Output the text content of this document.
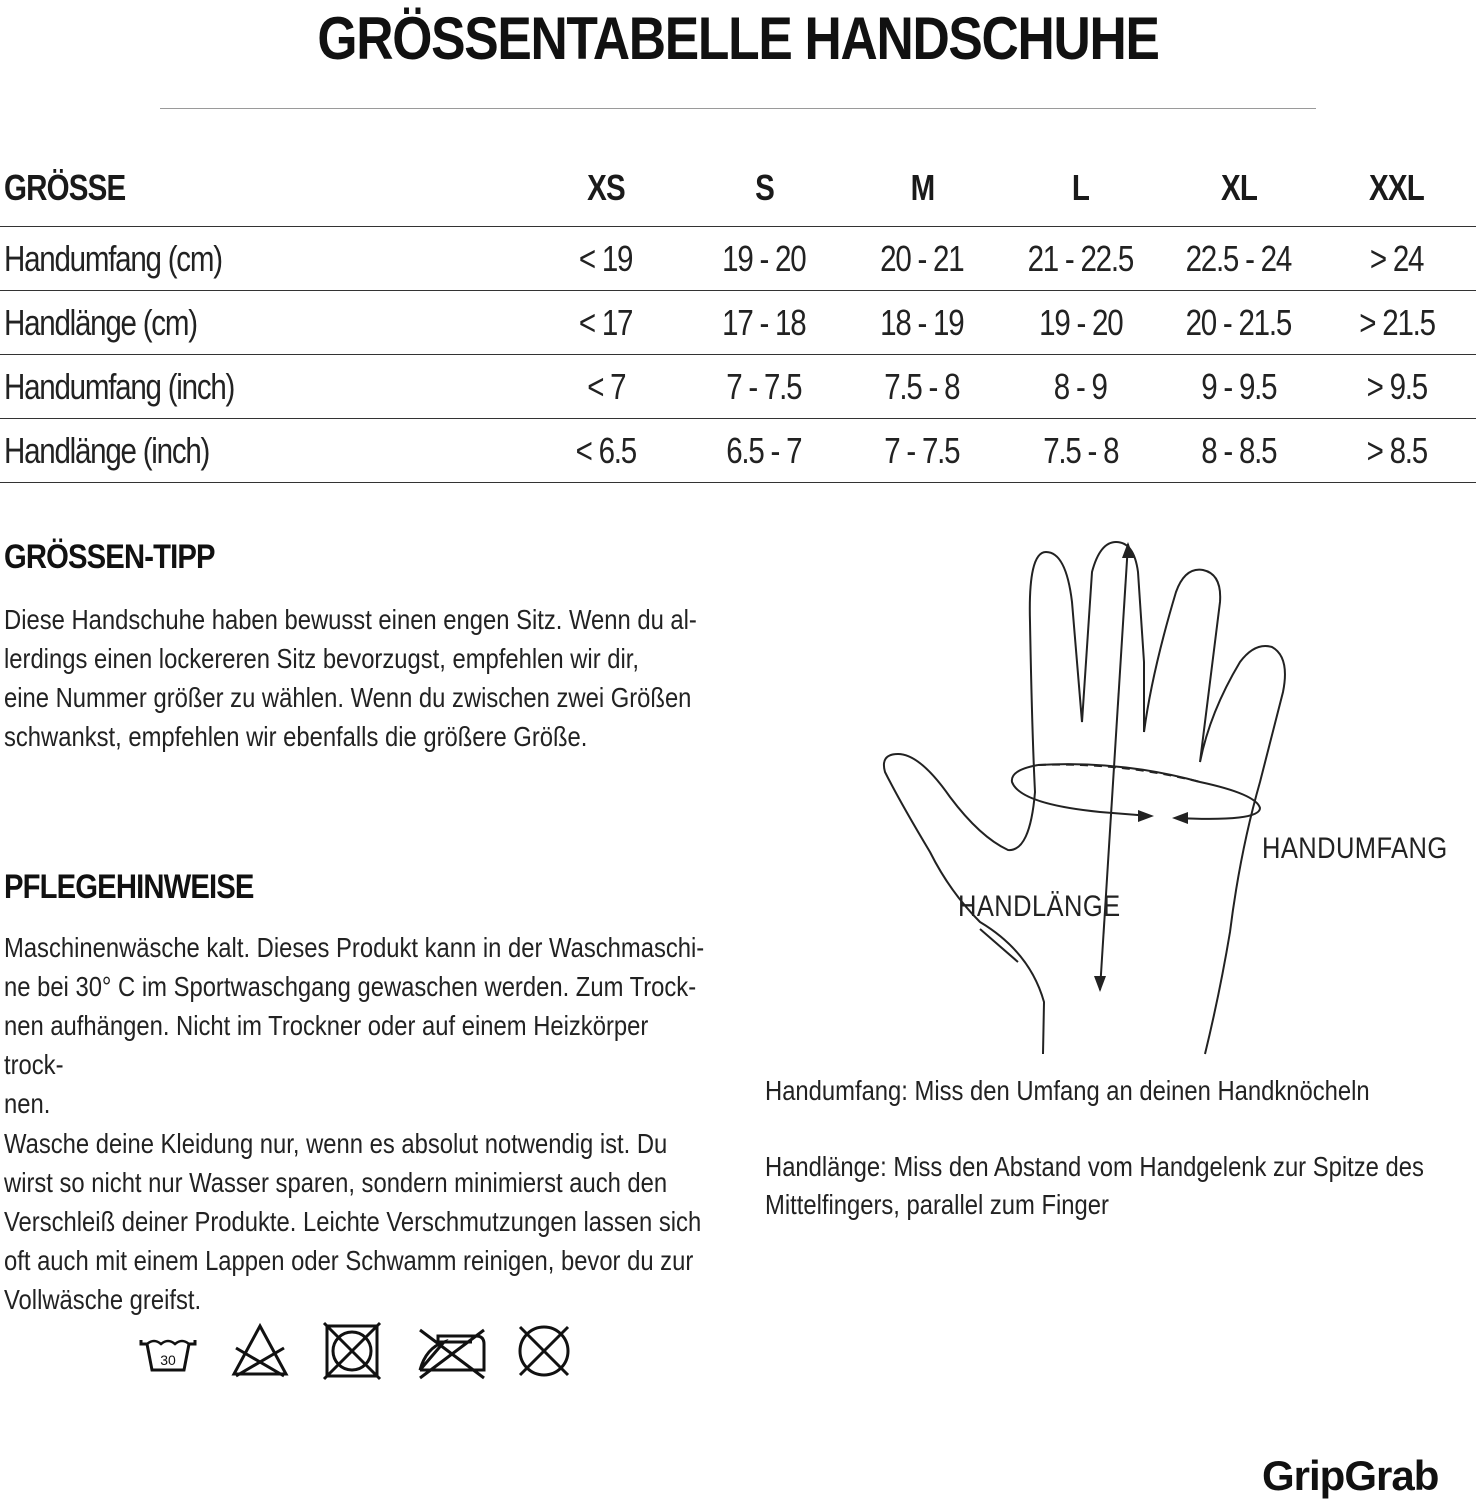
GRÖSSENTABELLE HANDSCHUHE
GRÖSSE	XS	S	M	L	XL	XXL
Handumfang (cm)	< 19	19 - 20	20 - 21	21 - 22.5	22.5 - 24	> 24
Handlänge (cm)	< 17	17 - 18	18 - 19	19 - 20	20 - 21.5	> 21.5
Handumfang (inch)	< 7	7 - 7.5	7.5 - 8	8 - 9	9 - 9.5	> 9.5
Handlänge (inch)	< 6.5	6.5 - 7	7 - 7.5	7.5 - 8	8 - 8.5	> 8.5
GRÖSSEN-TIPP
Diese Handschuhe haben bewusst einen engen Sitz. Wenn du al-
lerdings einen lockereren Sitz bevorzugst, empfehlen wir dir,
eine Nummer größer zu wählen. Wenn du zwischen zwei Größen
schwankst, empfehlen wir ebenfalls die größere Größe.
PFLEGEHINWEISE
Maschinenwäsche kalt. Dieses Produkt kann in der Waschmaschi-
ne bei 30° C im Sportwaschgang gewaschen werden. Zum Trock-
nen aufhängen. Nicht im Trockner oder auf einem Heizkörper trock-
nen.
Wasche deine Kleidung nur, wenn es absolut notwendig ist. Du
wirst so nicht nur Wasser sparen, sondern minimierst auch den
Verschleiß deiner Produkte. Leichte Verschmutzungen lassen sich
oft auch mit einem Lappen oder Schwamm reinigen, bevor du zur
Vollwäsche greifst.
30
HANDUMFANG
HANDLÄNGE
Handumfang: Miss den Umfang an deinen Handknöcheln
Handlänge: Miss den Abstand vom Handgelenk zur Spitze des
Mittelfingers, parallel zum Finger
GripGrab
